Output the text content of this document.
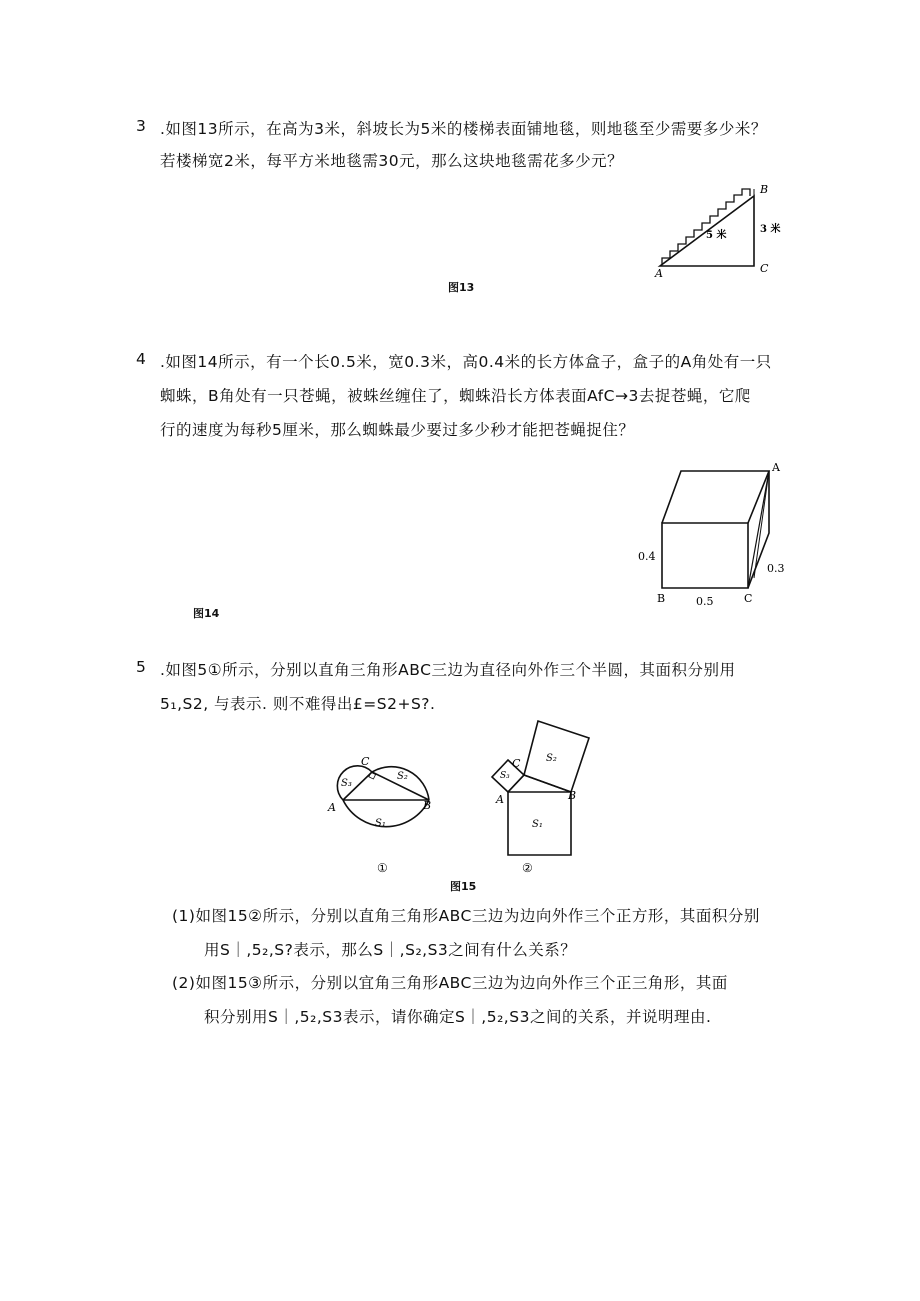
3 .如图13所示，在高为3米，斜坡长为5米的楼梯表面铺地毯，则地毯至少需要多少米？
若楼梯宽2米，每平方米地毯需30元，那么这块地毯需花多少元？
A
B
C
5 米
3 米
图13
4 .如图14所示，有一个长0.5米，宽0.3米，高0.4米的长方体盒子，盒子的A角处有一只
蜘蛛，B角处有一只苍蝇，被蛛丝缠住了，蜘蛛沿长方体表面AfC→3去捉苍蝇，它爬
行的速度为每秒5厘米，那么蜘蛛最少要过多少秒才能把苍蝇捉住？
A
B	C
0.4
0.5
0.3
图14
5 .如图5①所示，分别以直角三角形ABC三边为直径向外作三个半圆，其面积分别用
5₁,S2, 与表示. 则不难得出£=S2+S?.
C
A	B
S₃
S₂
S₁
①
C
A	B
S₃
S₂
S₁
②
图15
(1)如图15②所示，分别以直角三角形ABC三边为边向外作三个正方形，其面积分别
用S｜,5₂,S?表示，那么S｜,S₂,S3之间有什么关系？
(2)如图15③所示，分别以宜角三角形ABC三边为边向外作三个正三角形，其面
积分别用S｜,5₂,S3表示，请你确定S｜,5₂,S3之间的关系，并说明理由.
